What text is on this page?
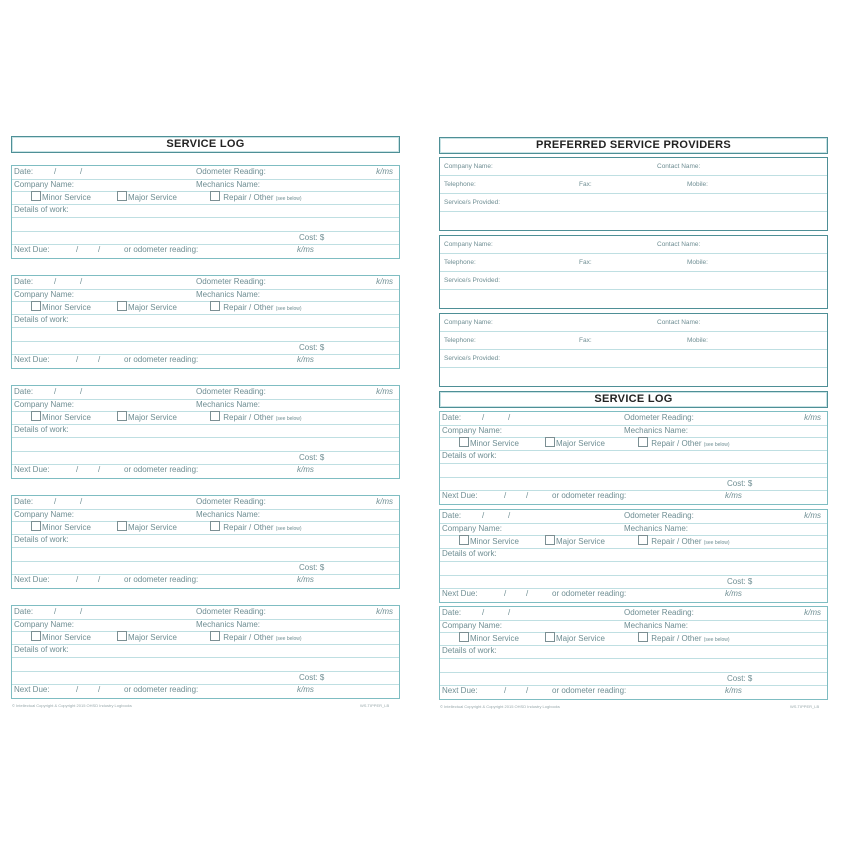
SERVICE LOG
Date:	/	/	Odometer Reading:	k/ms
Company Name:	Mechanics Name:
Minor Service	Major Service	Repair / Other (see below)
Details of work:
Cost: $
Next Due:	/ /	or odometer reading:	k/ms
Date:	/	/	Odometer Reading:	k/ms
Company Name:	Mechanics Name:
Minor Service	Major Service	Repair / Other (see below)
Details of work:
Cost: $
Next Due:	/ /	or odometer reading:	k/ms
Date:	/	/	Odometer Reading:	k/ms
Company Name:	Mechanics Name:
Minor Service	Major Service	Repair / Other (see below)
Details of work:
Cost: $
Next Due:	/ /	or odometer reading:	k/ms
Date:	/	/	Odometer Reading:	k/ms
Company Name:	Mechanics Name:
Minor Service	Major Service	Repair / Other (see below)
Details of work:
Cost: $
Next Due:	/ /	or odometer reading:	k/ms
Date:	/	/	Odometer Reading:	k/ms
Company Name:	Mechanics Name:
Minor Service	Major Service	Repair / Other (see below)
Details of work:
Cost: $
Next Due:	/ /	or odometer reading:	k/ms
© Intellectual Copyright & Copyright 2015 OHSD Industry Logbooks	WS.TIPPER_LB
PREFERRED SERVICE PROVIDERS
Company Name:	Contact Name:
Telephone:	Fax:	Mobile:
Service/s Provided:
Company Name:	Contact Name:
Telephone:	Fax:	Mobile:
Service/s Provided:
Company Name:	Contact Name:
Telephone:	Fax:	Mobile:
Service/s Provided:
SERVICE LOG
Date:	/	/	Odometer Reading:	k/ms
Company Name:	Mechanics Name:
Minor Service	Major Service	Repair / Other (see below)
Details of work:
Cost: $
Next Due:	/ /	or odometer reading:	k/ms
Date:	/	/	Odometer Reading:	k/ms
Company Name:	Mechanics Name:
Minor Service	Major Service	Repair / Other (see below)
Details of work:
Cost: $
Next Due:	/ /	or odometer reading:	k/ms
Date:	/	/	Odometer Reading:	k/ms
Company Name:	Mechanics Name:
Minor Service	Major Service	Repair / Other (see below)
Details of work:
Cost: $
Next Due:	/ /	or odometer reading:	k/ms
© Intellectual Copyright & Copyright 2015 OHSD Industry Logbooks	WS.TIPPER_LB
